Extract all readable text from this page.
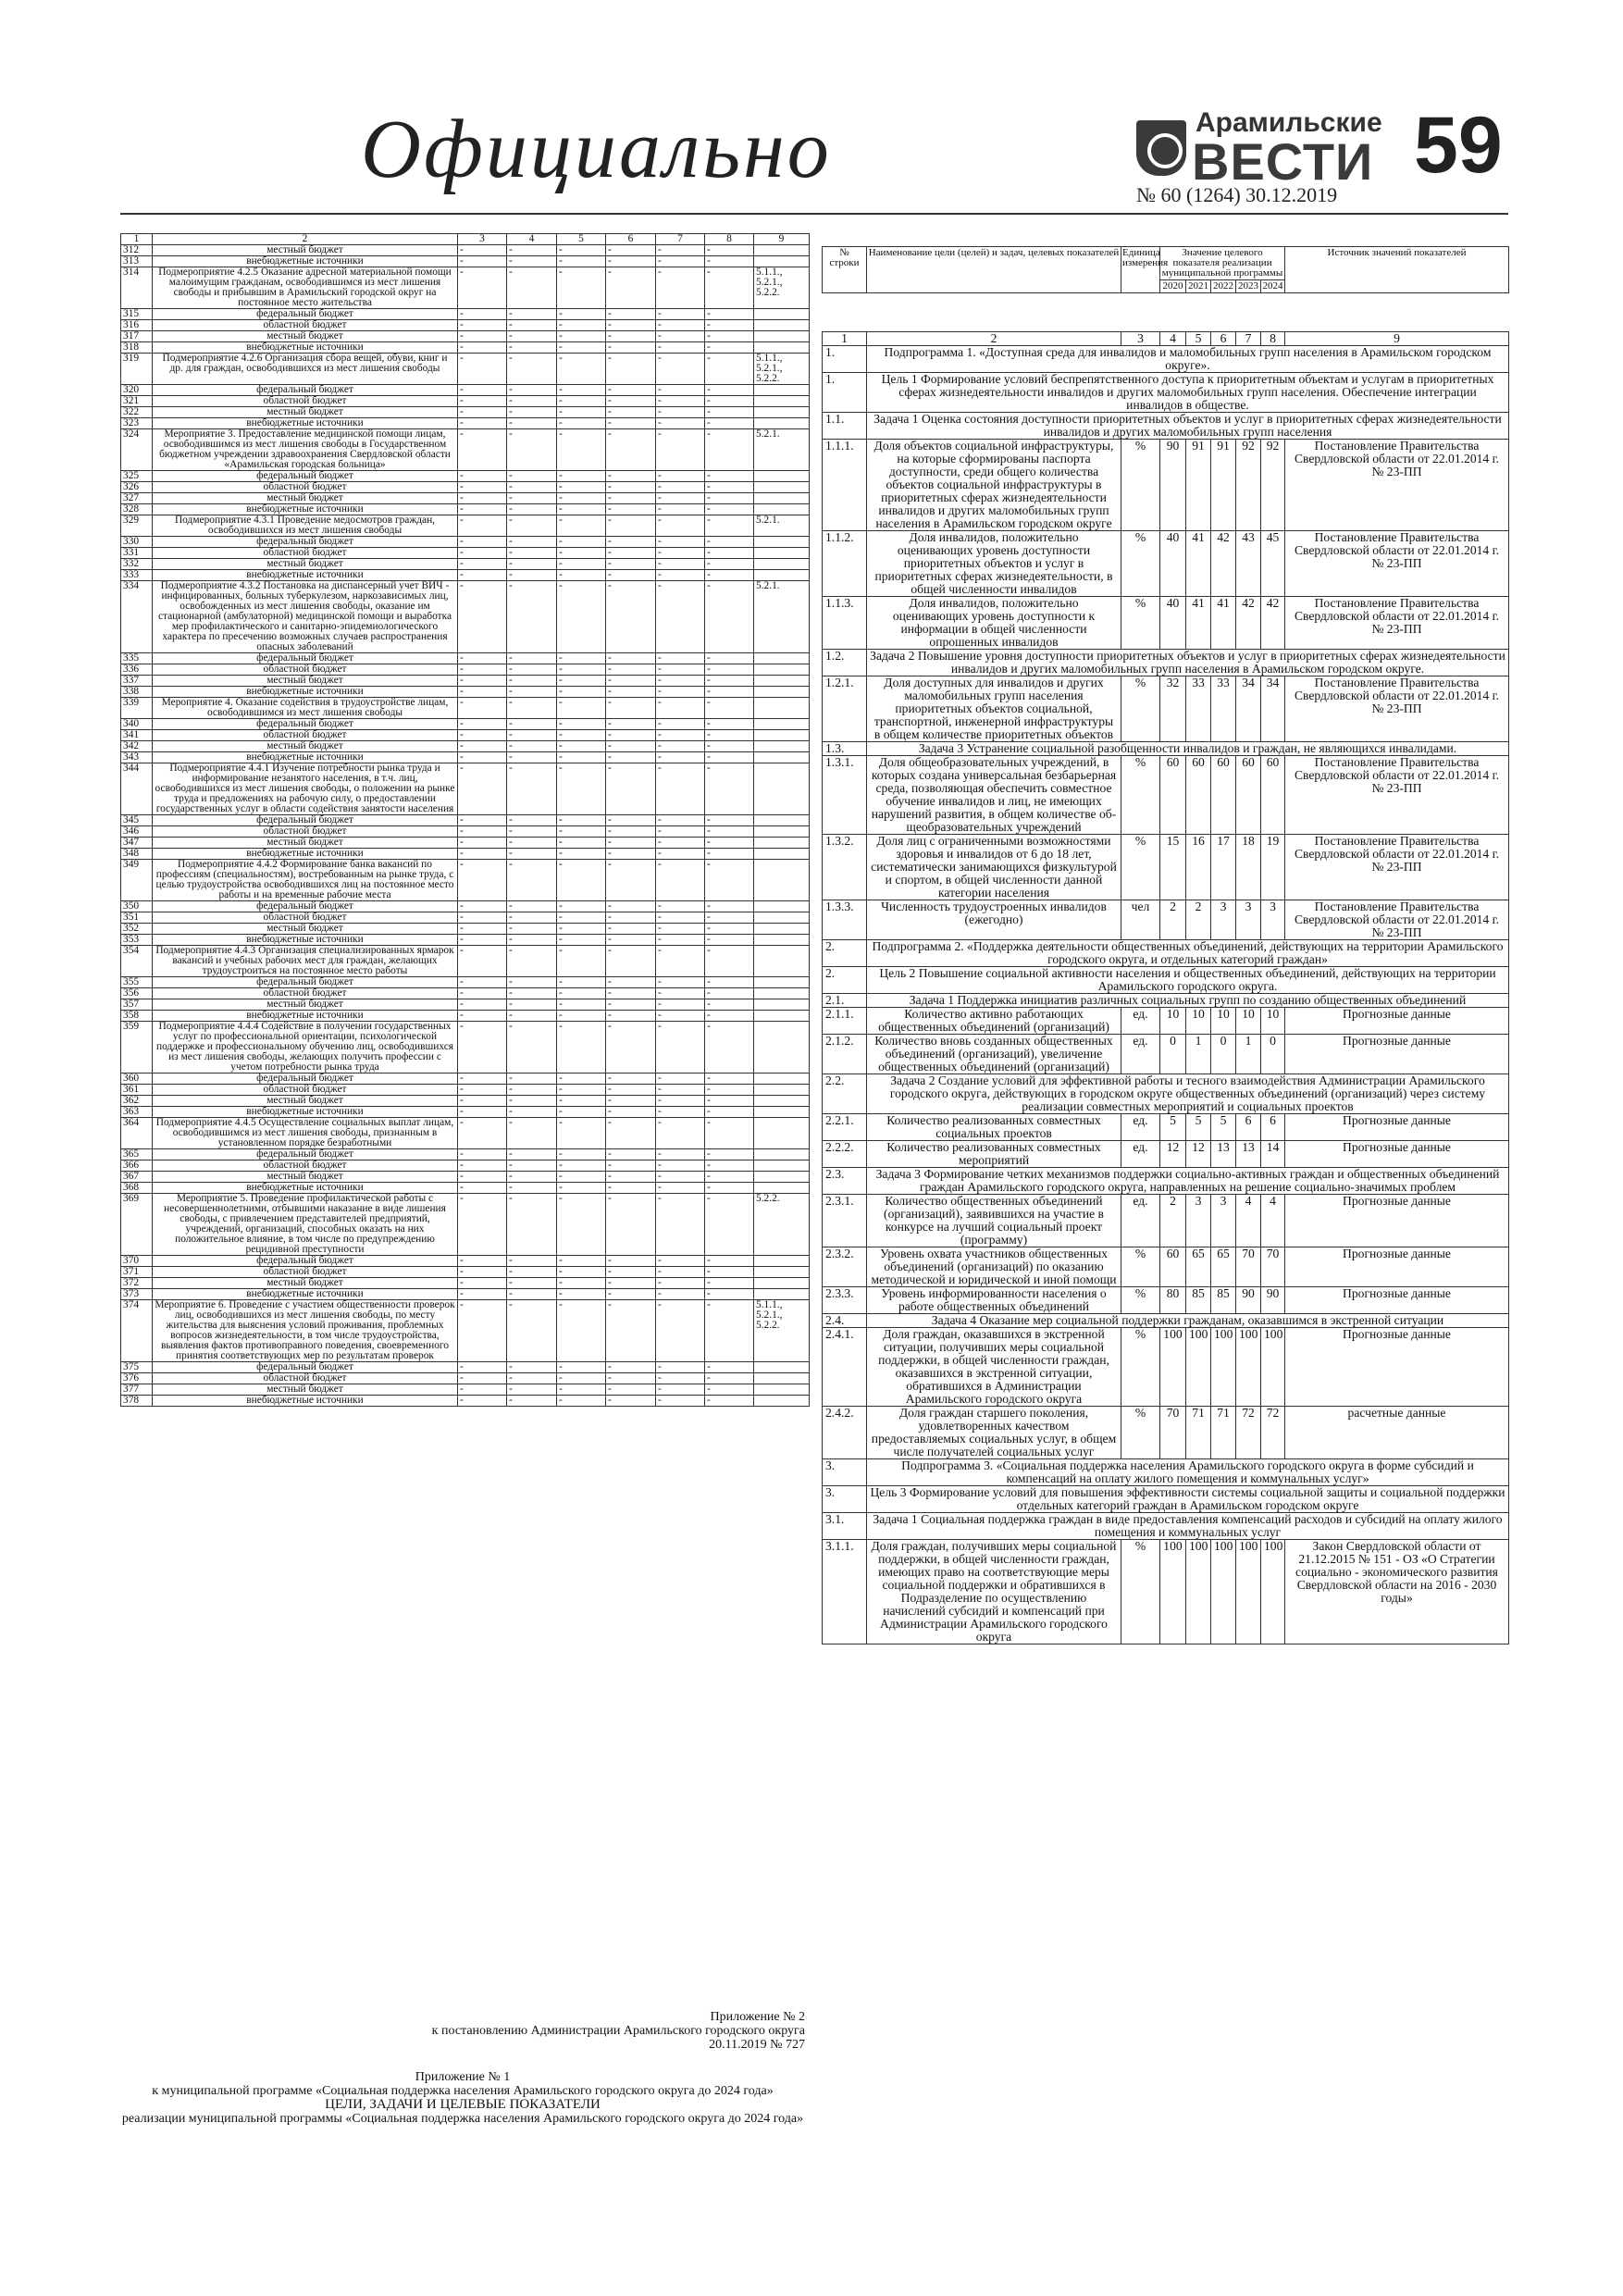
Официально	Арамильские
ВЕСТИ
№ 60 (1264) 30.12.2019
59
1	2	3	4	5	6	7	8	9
312	местный бюджет	-	-	-	-	-	-	
313	внебюджетные источники	-	-	-	-	-	-	
314	Подмероприятие 4.2.5 Оказание адресной материальной помощи малоимущим гражданам, освободившимся из мест лишения свободы и прибывшим в Арамильский городской округ на постоянное место жительства	-	-	-	-	-	-	5.1.1., 5.2.1., 5.2.2.
315	федеральный бюджет	-	-	-	-	-	-	
316	областной бюджет	-	-	-	-	-	-	
317	местный бюджет	-	-	-	-	-	-	
318	внебюджетные источники	-	-	-	-	-	-	
319	Подмероприятие 4.2.6 Организация сбора вещей, обуви, книг и др. для граждан, освободившихся из мест лишения свободы	-	-	-	-	-	-	5.1.1., 5.2.1., 5.2.2.
320	федеральный бюджет	-	-	-	-	-	-	
321	областной бюджет	-	-	-	-	-	-	
322	местный бюджет	-	-	-	-	-	-	
323	внебюджетные источники	-	-	-	-	-	-	
324	Мероприятие 3. Предоставление медицинской помощи лицам, освободившимся из мест лишения свободы в Государственном бюджетном учреждении здравоохранения Свердловской области «Арамильская городская больница»	-	-	-	-	-	-	5.2.1.
325	федеральный бюджет	-	-	-	-	-	-	
326	областной бюджет	-	-	-	-	-	-	
327	местный бюджет	-	-	-	-	-	-	
328	внебюджетные источники	-	-	-	-	-	-	
329	Подмероприятие 4.3.1 Проведение медосмотров граждан, освободившихся из мест лишения свободы	-	-	-	-	-	-	5.2.1.
330	федеральный бюджет	-	-	-	-	-	-	
331	областной бюджет	-	-	-	-	-	-	
332	местный бюджет	-	-	-	-	-	-	
333	внебюджетные источники	-	-	-	-	-	-	
334	Подмероприятие 4.3.2 Постановка на диспансерный учет ВИЧ - инфицированных, больных туберкулезом, наркозависимых лиц, освобожденных из мест лишения свободы, оказание им стационарной (амбулаторной) медицинской помощи и выработка мер профилактического и санитарно-эпидемиологического характера по пресечению возможных случаев распространения опасных заболеваний	-	-	-	-	-	-	5.2.1.
335	федеральный бюджет	-	-	-	-	-	-	
336	областной бюджет	-	-	-	-	-	-	
337	местный бюджет	-	-	-	-	-	-	
338	внебюджетные источники	-	-	-	-	-	-	
339	Мероприятие 4. Оказание содействия в трудоустройстве лицам, освободившимся из мест лишения свободы	-	-	-	-	-	-	
340	федеральный бюджет	-	-	-	-	-	-	
341	областной бюджет	-	-	-	-	-	-	
342	местный бюджет	-	-	-	-	-	-	
343	внебюджетные источники	-	-	-	-	-	-	
344	Подмероприятие 4.4.1 Изучение потребности рынка труда и информирование незанятого населения, в т.ч. лиц, освободившихся из мест лишения свободы, о положении на рынке труда и предложениях на рабочую силу, о предоставлении государственных услуг в области содействия занятости населения	-	-	-	-	-	-	
345	федеральный бюджет	-	-	-	-	-	-	
346	областной бюджет	-	-	-	-	-	-	
347	местный бюджет	-	-	-	-	-	-	
348	внебюджетные источники	-	-	-	-	-	-	
349	Подмероприятие 4.4.2 Формирование банка вакансий по профессиям (специальностям), востребованным на рынке труда, с целью трудоустройства освободившихся лиц на постоянное место работы и на временные рабочие места	-	-	-	-	-	-	
350	федеральный бюджет	-	-	-	-	-	-	
351	областной бюджет	-	-	-	-	-	-	
352	местный бюджет	-	-	-	-	-	-	
353	внебюджетные источники	-	-	-	-	-	-	
354	Подмероприятие 4.4.3 Организация специализированных ярмарок вакансий и учебных рабочих мест для граждан, желающих трудоустроиться на постоянное место работы	-	-	-	-	-	-	
355	федеральный бюджет	-	-	-	-	-	-	
356	областной бюджет	-	-	-	-	-	-	
357	местный бюджет	-	-	-	-	-	-	
358	внебюджетные источники	-	-	-	-	-	-	
359	Подмероприятие 4.4.4 Содействие в получении государственных услуг по профессиональной ориентации, психологической поддержке и профессиональному обучению лиц, освободившихся из мест лишения свободы, желающих получить профессии с учетом потребности рынка труда	-	-	-	-	-	-	
360	федеральный бюджет	-	-	-	-	-	-	
361	областной бюджет	-	-	-	-	-	-	
362	местный бюджет	-	-	-	-	-	-	
363	внебюджетные источники	-	-	-	-	-	-	
364	Подмероприятие 4.4.5 Осуществление социальных выплат лицам, освободившимся из мест лишения свободы, признанным в установленном порядке безработными	-	-	-	-	-	-	
365	федеральный бюджет	-	-	-	-	-	-	
366	областной бюджет	-	-	-	-	-	-	
367	местный бюджет	-	-	-	-	-	-	
368	внебюджетные источники	-	-	-	-	-	-	
369	Мероприятие 5. Проведение профилактической работы с несовершеннолетними, отбывшими наказание в виде лишения свободы, с привлечением представителей предприятий, учреждений, организаций, способных оказать на них положительное влияние, в том числе по предупреждению рецидивной преступности	-	-	-	-	-	-	5.2.2.
370	федеральный бюджет	-	-	-	-	-	-	
371	областной бюджет	-	-	-	-	-	-	
372	местный бюджет	-	-	-	-	-	-	
373	внебюджетные источники	-	-	-	-	-	-	
374	Мероприятие 6. Проведение с участием общественности проверок лиц, освободившихся из мест лишения свободы, по месту жительства для выяснения условий проживания, проблемных вопросов жизнедеятельности, в том числе трудоустройства, выявления фактов противоправного поведения, своевременного принятия соответствующих мер по результатам проверок	-	-	-	-	-	-	5.1.1., 5.2.1., 5.2.2.
375	федеральный бюджет	-	-	-	-	-	-	
376	областной бюджет	-	-	-	-	-	-	
377	местный бюджет	-	-	-	-	-	-	
378	внебюджетные источники	-	-	-	-	-	-	
№ строки	Наименование цели (целей) и задач, целевых показателей	Единица измерения	Значение целевого показателя реализации муниципальной программы					Источник значений показателей
			2020	2021	2022	2023	2024	
1	2	3	4	5	6	7	8	9
1.	Подпрограмма 1. «Доступная среда для инвалидов и маломобильных групп населения в Арамильском городском округе».							
1.	Цель 1 Формирование условий беспрепятственного доступа к приоритетным объектам и услугам в приоритетных сферах жизнедеятельности инвалидов и других маломобильных групп населения. Обеспечение интеграции инвалидов в обществе.							
1.1.	Задача 1 Оценка состояния доступности приоритетных объектов и услуг в приоритетных сферах жизнедеятельности инвалидов и других маломобильных групп населения							
1.1.1.	Доля объектов социальной инфраструктуры, на которые сформированы паспорта доступности, среди общего количества объектов социальной инфраструктуры в приоритетных сферах жизнедеятельности инвалидов и других маломобильных групп населения в Арамильском городском округе	%	90	91	91	92	92	Постановление Правительства Свердловской области от 22.01.2014 г. № 23-ПП
1.1.2.	Доля инвалидов, положительно оценивающих уровень доступности приоритетных объектов и услуг в приоритетных сферах жизнедеятельности, в общей численности инвалидов	%	40	41	42	43	45	Постановление Правительства Свердловской области от 22.01.2014 г. № 23-ПП
1.1.3.	Доля инвалидов, положительно оценивающих уровень доступности к информации в общей численности опрошенных инвалидов	%	40	41	41	42	42	Постановление Правительства Свердловской области от 22.01.2014 г. № 23-ПП
1.2.	Задача 2 Повышение уровня доступности приоритетных объектов и услуг в приоритетных сферах жизнедеятельности инвалидов и других маломобильных групп населения в Арамильском городском округе.							
1.2.1.	Доля доступных для инвалидов и других маломобильных групп населения приоритетных объектов социальной, транспортной, инженерной инфраструктуры в общем количестве приоритетных объектов	%	32	33	33	34	34	Постановление Правительства Свердловской области от 22.01.2014 г. № 23-ПП
1.3.	Задача 3 Устранение социальной разобщенности инвалидов и граждан, не являющихся инвалидами.							
1.3.1.	Доля общеобразовательных учреждений, в которых создана универсальная безбарьерная среда, позволяющая обеспечить совместное обучение инвалидов и лиц, не имеющих нарушений развития, в общем количестве об-щеобразовательных учреждений	%	60	60	60	60	60	Постановление Правительства Свердловской области от 22.01.2014 г. № 23-ПП
1.3.2.	Доля лиц с ограниченными возможностями здоровья и инвалидов от 6 до 18 лет, систематически занимающихся физкультурой и спортом, в общей численности данной категории населения	%	15	16	17	18	19	Постановление Правительства Свердловской области от 22.01.2014 г. № 23-ПП
1.3.3.	Численность трудоустроенных инвалидов (ежегодно)	чел	2	2	3	3	3	Постановление Правительства Свердловской области от 22.01.2014 г. № 23-ПП
2.	Подпрограмма 2. «Поддержка деятельности общественных объединений, действующих на территории Арамильского городского округа, и отдельных категорий граждан»							
2.	Цель 2 Повышение социальной активности населения и общественных объединений, действующих на территории Арамильского городского округа.							
2.1.	Задача 1 Поддержка инициатив различных социальных групп по созданию общественных объединений							
2.1.1.	Количество активно работающих общественных объединений (организаций)	ед.	10	10	10	10	10	Прогнозные данные
2.1.2.	Количество вновь созданных общественных объединений (организаций), увеличение общественных объединений (организаций)	ед.	0	1	0	1	0	Прогнозные данные
2.2.	Задача 2 Создание условий для эффективной работы и тесного взаимодействия Администрации Арамильского городского округа, действующих в городском округе общественных объединений (организаций) через систему реализации совместных мероприятий и социальных проектов							
2.2.1.	Количество реализованных совместных социальных проектов	ед.	5	5	5	6	6	Прогнозные данные
2.2.2.	Количество реализованных совместных мероприятий	ед.	12	12	13	13	14	Прогнозные данные
2.3.	Задача 3 Формирование четких механизмов поддержки социально-активных граждан и общественных объединений граждан Арамильского городского округа, направленных на решение социально-значимых проблем							
2.3.1.	Количество общественных объединений (организаций), заявившихся на участие в конкурсе на лучший социальный проект (программу)	ед.	2	3	3	4	4	Прогнозные данные
2.3.2.	Уровень охвата участников общественных объединений (организаций) по оказанию методической и юридической и иной помощи	%	60	65	65	70	70	Прогнозные данные
2.3.3.	Уровень информированности населения о работе общественных объединений	%	80	85	85	90	90	Прогнозные данные
2.4.	Задача 4 Оказание мер социальной поддержки гражданам, оказавшимся в экстренной ситуации							
2.4.1.	Доля граждан, оказавшихся в экстренной ситуации, получивших меры социальной поддержки, в общей численности граждан, оказавшихся в экстренной ситуации, обратившихся в Администрации Арамильского городского округа	%	100	100	100	100	100	Прогнозные данные
2.4.2.	Доля граждан старшего поколения, удовлетворенных качеством предоставляемых социальных услуг, в общем числе получателей социальных услуг	%	70	71	71	72	72	расчетные данные
3.	Подпрограмма 3. «Социальная поддержка населения Арамильского городского округа в форме субсидий и компенсаций на оплату жилого помещения и коммунальных услуг»							
3.	Цель 3 Формирование условий для повышения эффективности системы социальной защиты и социальной поддержки отдельных категорий граждан в Арамильском городском округе							
3.1.	Задача 1 Социальная поддержка граждан в виде предоставления компенсаций расходов и субсидий на оплату жилого помещения и коммунальных услуг							
3.1.1.	Доля граждан, получивших меры социальной поддержки, в общей численности граждан, имеющих право на соответствующие меры социальной поддержки и обратившихся в Подразделение по осуществлению начислений субсидий и компенсаций при Администрации Арамильского городского округа	%	100	100	100	100	100	Закон Свердловской области от 21.12.2015 № 151 - ОЗ «О Стратегии социально - экономического развития Свердловской области на 2016 - 2030 годы»
Приложение № 2
к постановлению Администрации Арамильского городского округа
20.11.2019 № 727
Приложение № 1
к муниципальной программе «Социальная поддержка населения Арамильского городского округа до 2024 года»
ЦЕЛИ, ЗАДАЧИ И ЦЕЛЕВЫЕ ПОКАЗАТЕЛИ
реализации муниципальной программы «Социальная поддержка населения Арамильского городского округа до 2024 года»
